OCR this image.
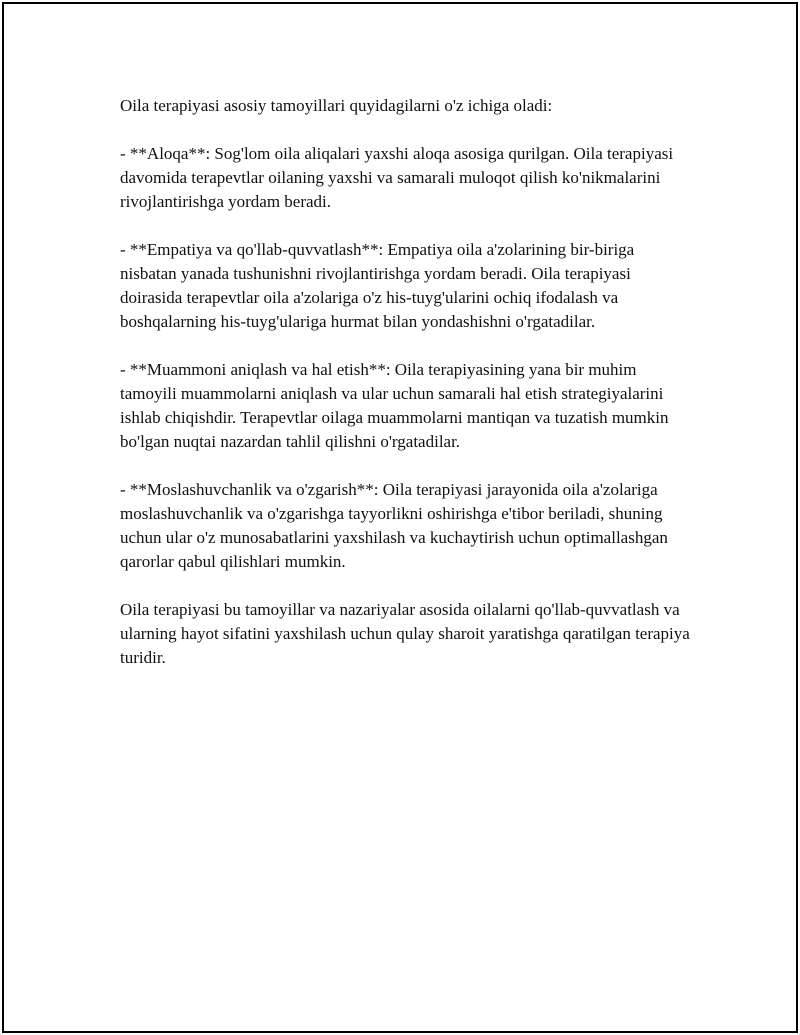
Oila terapiyasi asosiy tamoyillari quyidagilarni o'z ichiga oladi:

- **Aloqa**: Sog'lom oila aliqalari yaxshi aloqa asosiga qurilgan. Oila terapiyasi davomida terapevtlar oilaning yaxshi va samarali muloqot qilish ko'nikmalarini rivojlantirishga yordam beradi.

- **Empatiya va qo'llab-quvvatlash**: Empatiya oila a'zolarining bir-biriga nisbatan yanada tushunishni rivojlantirishga yordam beradi. Oila terapiyasi doirasida terapevtlar oila a'zolariga o'z his-tuyg'ularini ochiq ifodalash va boshqalarning his-tuyg'ulariga hurmat bilan yondashishni o'rgatadilar.

- **Muammoni aniqlash va hal etish**: Oila terapiyasining yana bir muhim tamoyili muammolarni aniqlash va ular uchun samarali hal etish strategiyalarini ishlab chiqishdir. Terapevtlar oilaga muammolarni mantiqan va tuzatish mumkin bo'lgan nuqtai nazardan tahlil qilishni o'rgatadilar.

- **Moslashuvchanlik va o'zgarish**: Oila terapiyasi jarayonida oila a'zolariga moslashuvchanlik va o'zgarishga tayyorlikni oshirishga e'tibor beriladi, shuning uchun ular o'z munosabatlarini yaxshilash va kuchaytirish uchun optimallashgan qarorlar qabul qilishlari mumkin.

Oila terapiyasi bu tamoyillar va nazariyalar asosida oilalarni qo'llab-quvvatlash va ularning hayot sifatini yaxshilash uchun qulay sharoit yaratishga qaratilgan terapiya turidir.
